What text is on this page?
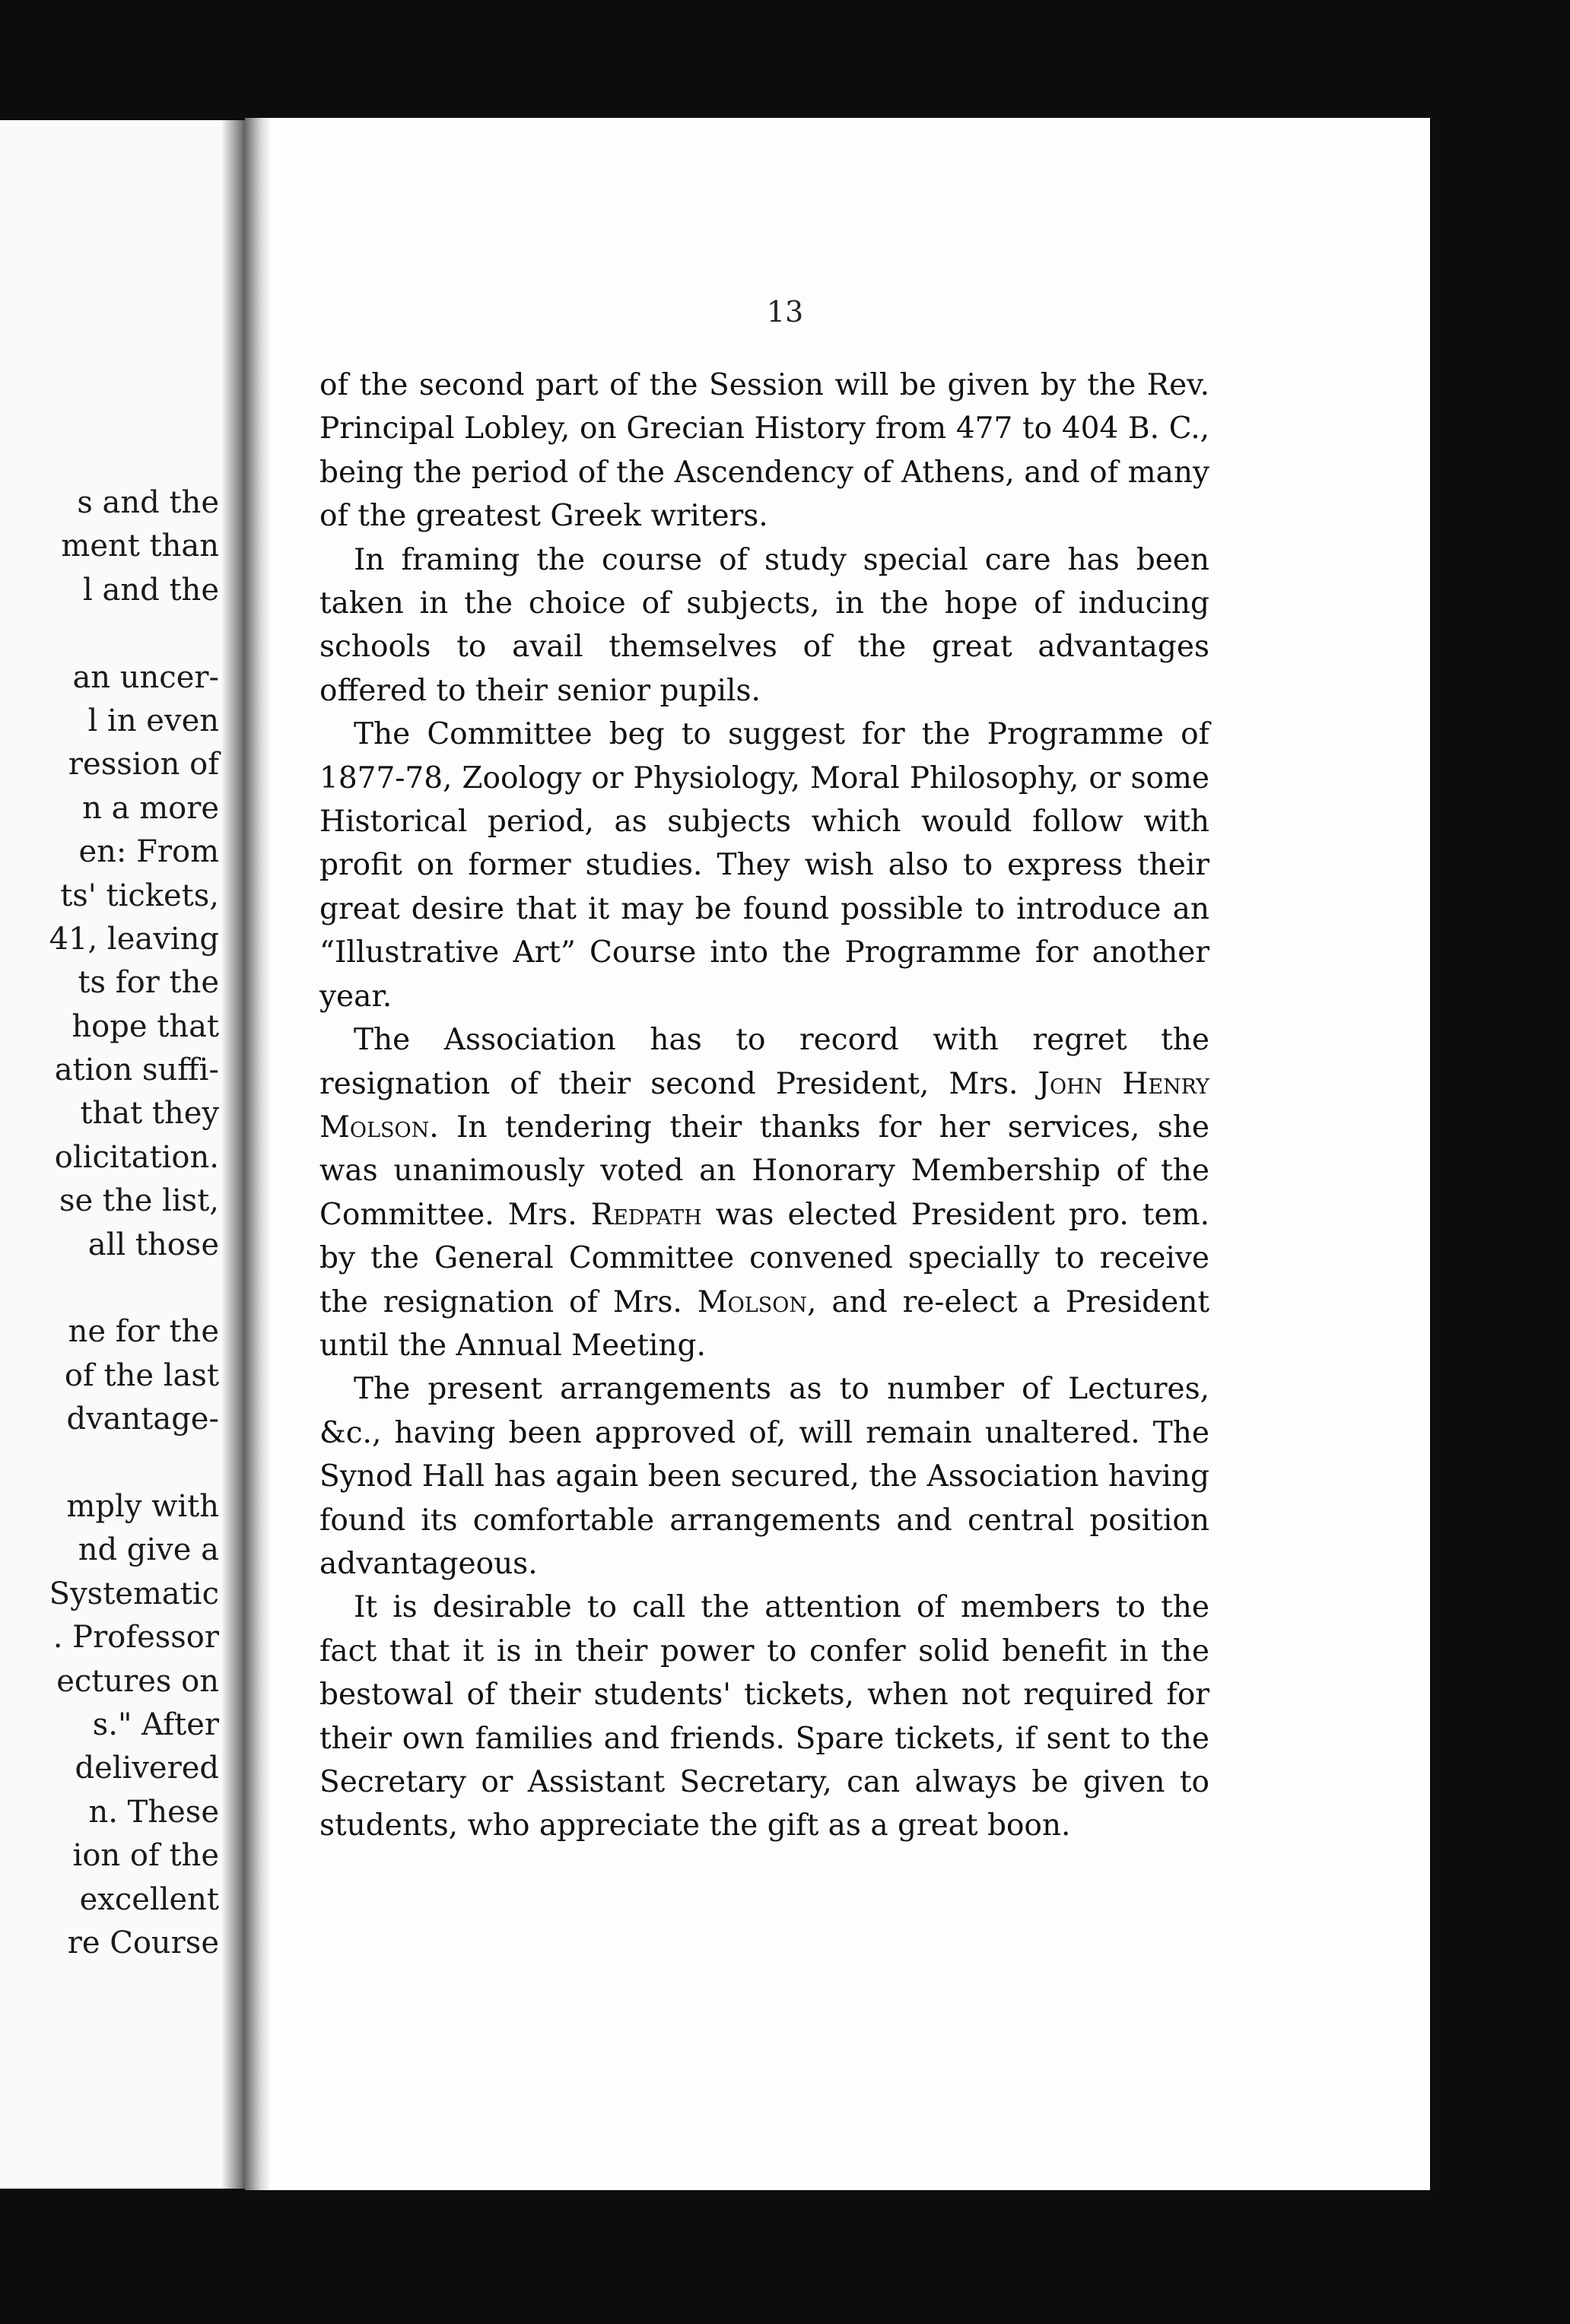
s and the
ment than
l and the
an uncer-
l in even
ression of
n a more
en: From
ts' tickets,
41, leaving
ts for the
hope that
ation suffi-
that they
olicitation.
se the list,
all those
ne for the
of the last
dvantage-
mply with
nd give a
Systematic
. Professor
ectures on
s." After
delivered
n. These
ion of the
excellent
re Course
13

of the second part of the Session will be given by the Rev. Principal Lobley, on Grecian History from 477 to 404 B. C., being the period of the Ascendency of Athens, and of many of the greatest Greek writers.

In framing the course of study special care has been taken in the choice of subjects, in the hope of inducing schools to avail themselves of the great advantages offered to their senior pupils.

The Committee beg to suggest for the Programme of 1877-78, Zoology or Physiology, Moral Philosophy, or some Historical period, as subjects which would follow with profit on former studies. They wish also to express their great desire that it may be found possible to introduce an “Illustrative Art” Course into the Programme for another year.

The Association has to record with regret the resignation of their second President, Mrs. John Henry Molson. In tendering their thanks for her services, she was unanimously voted an Honorary Membership of the Committee. Mrs. Redpath was elected President pro. tem. by the General Committee convened specially to receive the resignation of Mrs. Molson, and re-elect a President until the Annual Meeting.

The present arrangements as to number of Lectures, &c., having been approved of, will remain unaltered. The Synod Hall has again been secured, the Association having found its comfortable arrangements and central position advantageous.

It is desirable to call the attention of members to the fact that it is in their power to confer solid benefit in the bestowal of their students' tickets, when not required for their own families and friends. Spare tickets, if sent to the Secretary or Assistant Secretary, can always be given to students, who appreciate the gift as a great boon.
